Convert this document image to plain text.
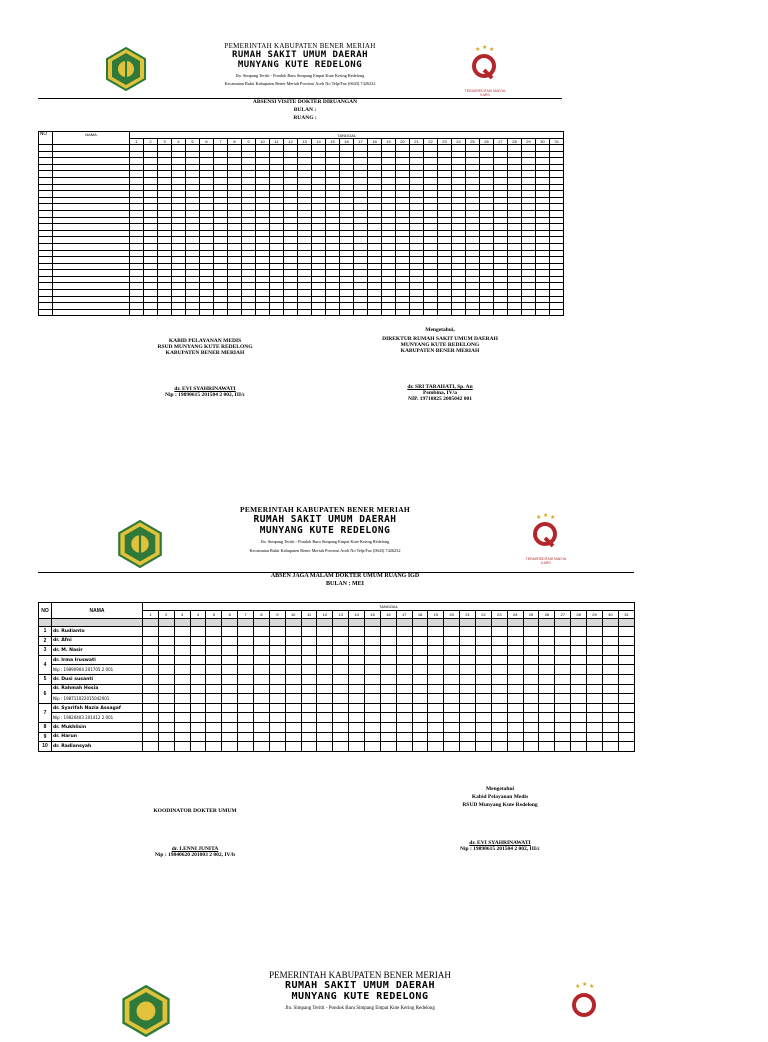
★ ★ ★
TERAKREDITASI MADYA
KARS
PEMERINTAH KABUPATEN BENER MERIAH
RUMAH SAKIT UMUM DAERAH
MUNYANG KUTE REDELONG
Jln. Simpang Teritit - Pondok Baru Simpang Empat Kute Kering Redelong
Kecamatan Bukit Kabupaten Bener Meriah Provinsi Aceh No Telp/Fax (0643) 7426232
ABSENSI VISITE DOKTER DIRUANGAN
BULAN :
RUANG :
NO	NAMA	TANGGAL																														
		1	2	3	4	5	6	7	8	9	10	11	12	13	14	15	16	17	18	19	20	21	22	23	24	25	26	27	28	29	30	31

KABID PELAYANAN MEDIS
RSUD MUNYANG KUTE REDELONG
KABUPATEN BENER MERIAH
dr. EVI SYAHRINAWATI
Nip : 19890615 201504 2 002, III/c
Mengetahui,
DIREKTUR RUMAH SAKIT UMUM DAERAH
MUNYANG KUTE REDELONG
KABUPATEN BENER MERIAH
dr. SRI TARAHATI, Sp. An
Pembina, IV/a
NIP. 19710825 2005042 001
★ ★ ★
TERAKREDITASI MADYA
KARS
PEMERINTAH KABUPATEN BENER MERIAH
RUMAH SAKIT UMUM DAERAH
MUNYANG KUTE REDELONG
Jln. Simpang Teritit - Pondok Baru Simpang Empat Kute Kering Redelong
Kecamatan Bukit Kabupaten Bener Meriah Provinsi Aceh No Telp/Fax (0643) 7426232
ABSEN JAGA MALAM DOKTER UMUM RUANG IGD
BULAN : MEI
NO	NAMA	TANGGAL																														
		1	2	3	4	5	6	7	8	9	10	11	12	13	14	15	16	17	18	19	20	21	22	23	24	25	26	27	28	29	30	31

1	dr. Rudianto																															
2	dr. Afni																															
3	dr. M. Nasir																															
4	dr. Irma Iruswati																															
	Nip : 19890904 201705 2 001																															
5	dr. Dusi susanti																															
6	dr. Rahmah Hosia																															
	Nip : 198711022015042001																															
7	dr. Syarifah Nazia Assagaf																															
	Nip : 19820403 201412 2 001																															
8	dr. Mukhlisin																															
9	dr. Harun																															
10	dr. Radiansyah																															
KOODINATOR DOKTER UMUM
dr. LENNI JUNITA
Nip : 19840620 201003 2 002, IV/b
Mengetahui
Kabid Pelayanan Medis
RSUD Munyang Kute Redelong
dr. EVI SYAHRINAWATI
Nip : 19890615 201504 2 002, III/c
★ ★ ★
PEMERINTAH KABUPATEN BENER MERIAH
RUMAH SAKIT UMUM DAERAH
MUNYANG KUTE REDELONG
Jln. Simpang Teritit - Pondok Baru Simpang Empat Kute Kering Redelong
